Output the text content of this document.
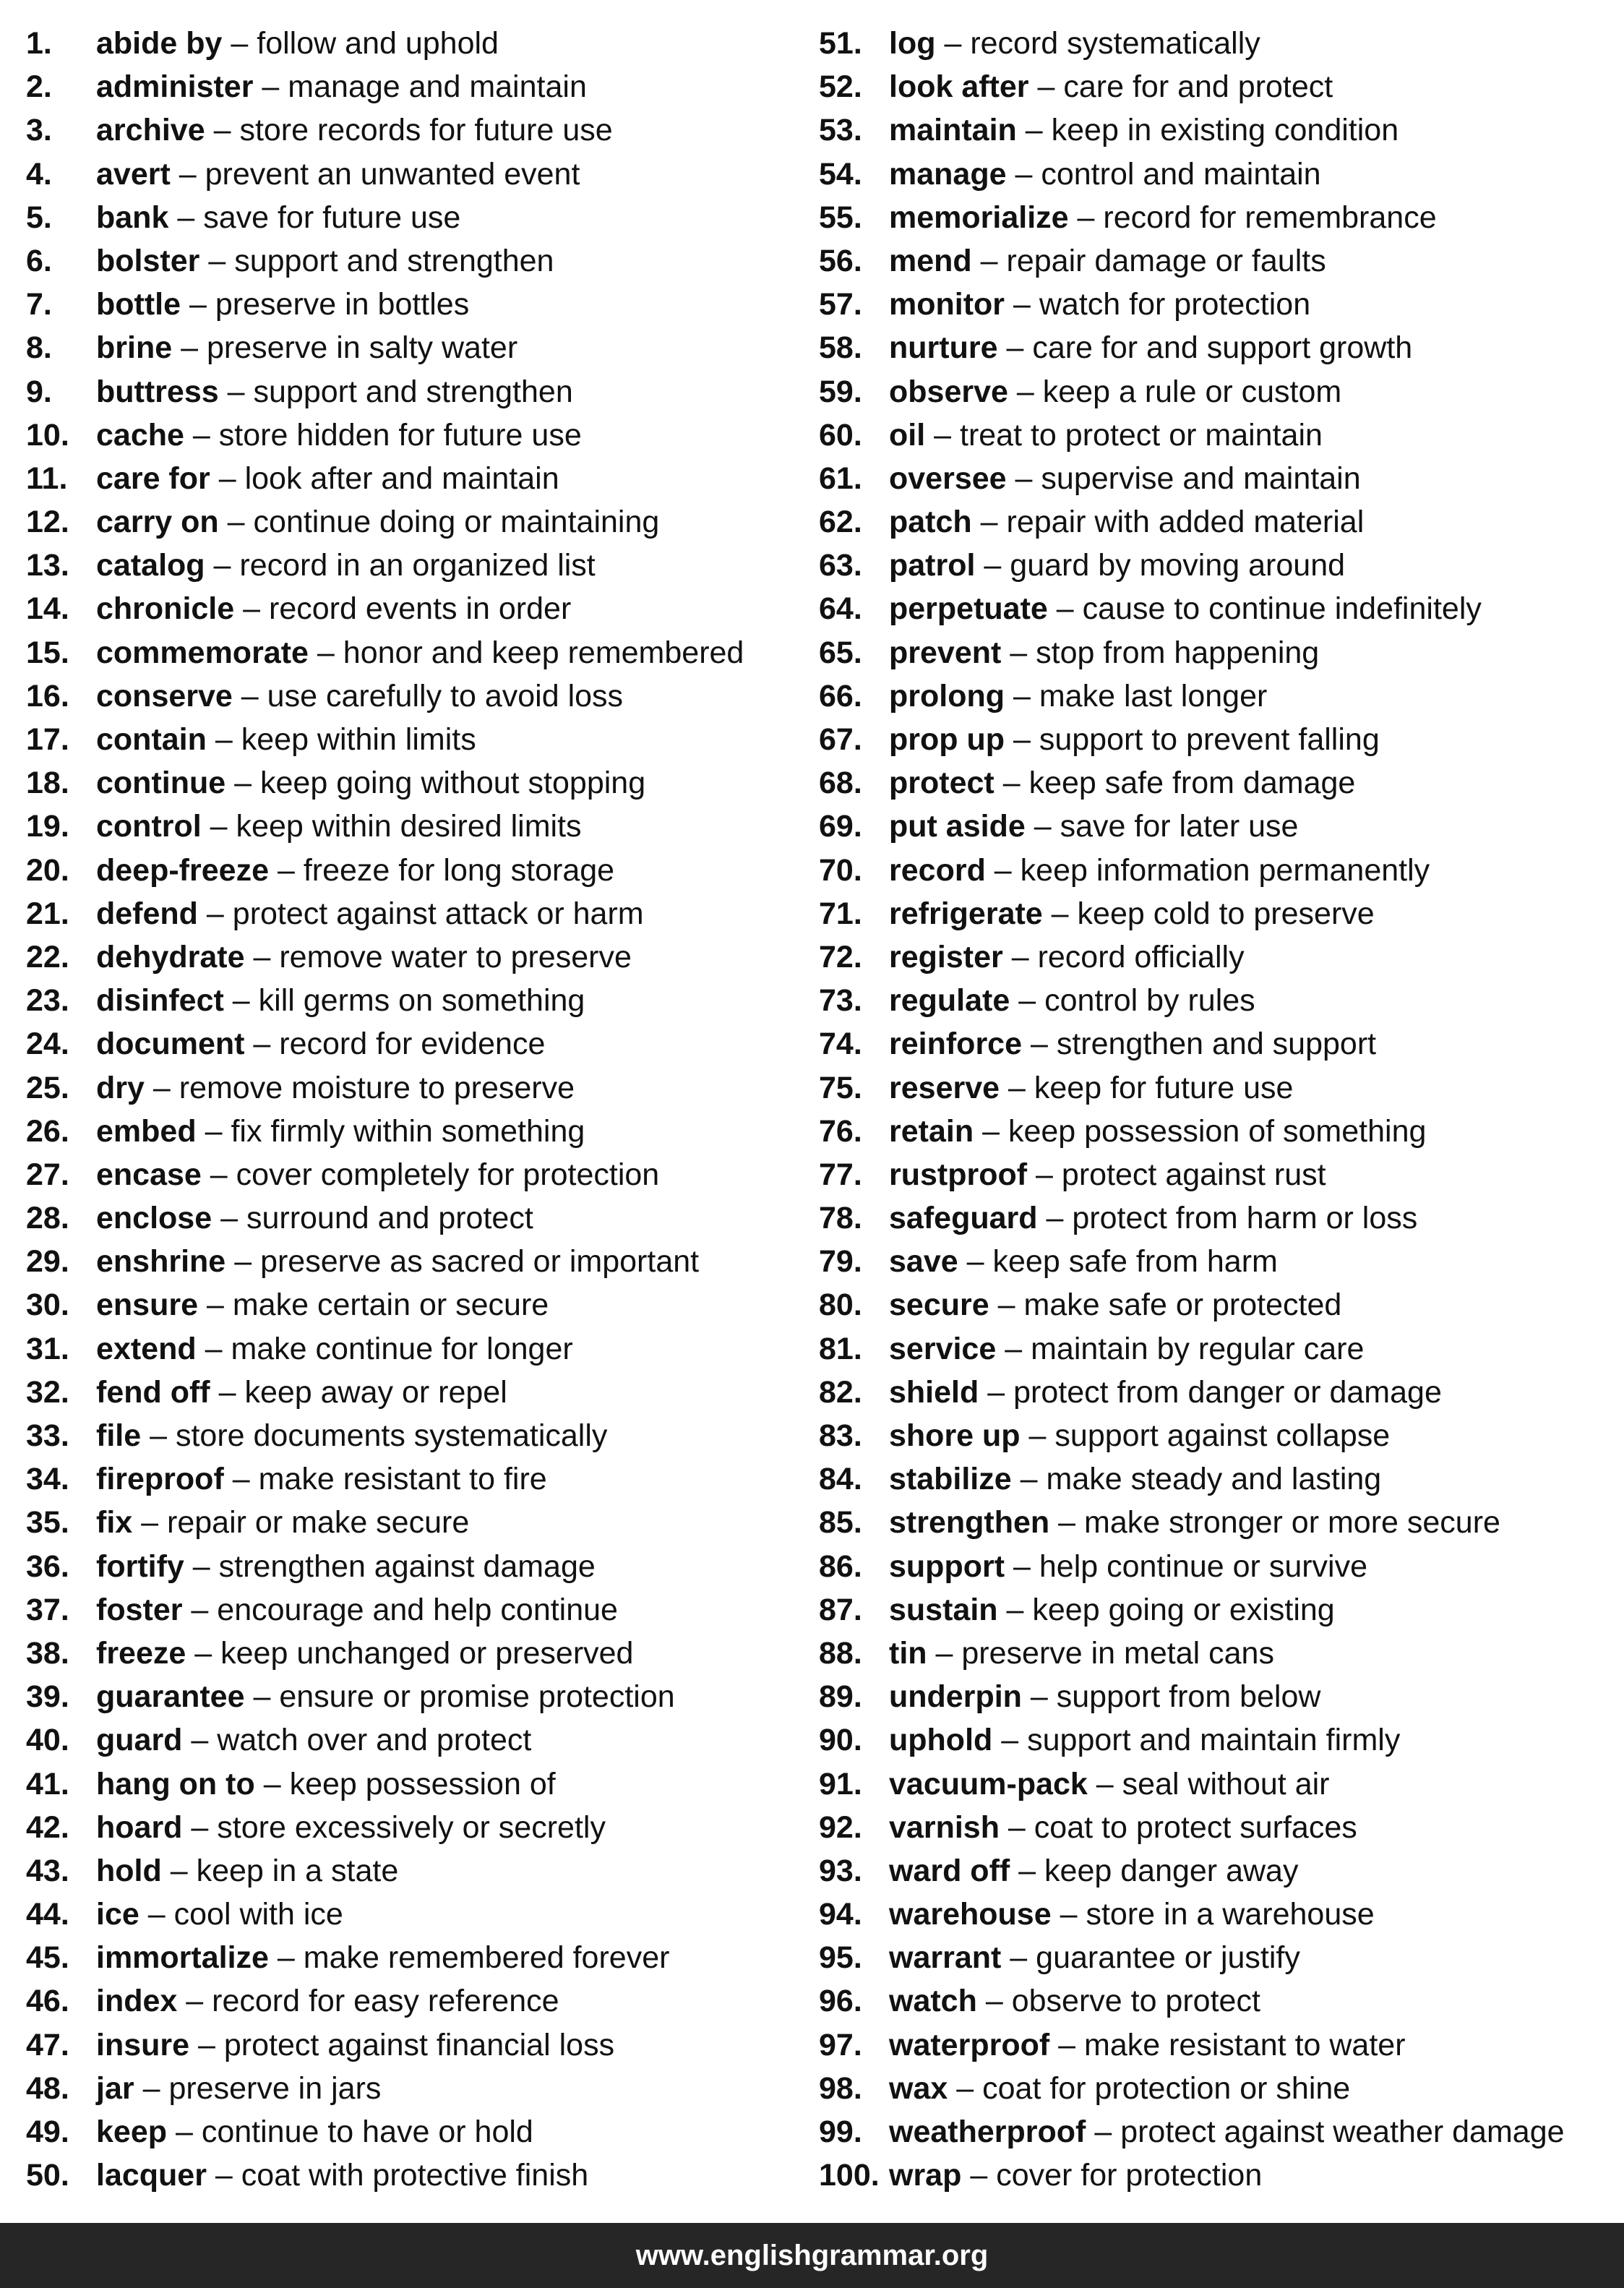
1. abide by – follow and uphold
2. administer – manage and maintain
3. archive – store records for future use
4. avert – prevent an unwanted event
5. bank – save for future use
6. bolster – support and strengthen
7. bottle – preserve in bottles
8. brine – preserve in salty water
9. buttress – support and strengthen
10. cache – store hidden for future use
11. care for – look after and maintain
12. carry on – continue doing or maintaining
13. catalog – record in an organized list
14. chronicle – record events in order
15. commemorate – honor and keep remembered
16. conserve – use carefully to avoid loss
17. contain – keep within limits
18. continue – keep going without stopping
19. control – keep within desired limits
20. deep-freeze – freeze for long storage
21. defend – protect against attack or harm
22. dehydrate – remove water to preserve
23. disinfect – kill germs on something
24. document – record for evidence
25. dry – remove moisture to preserve
26. embed – fix firmly within something
27. encase – cover completely for protection
28. enclose – surround and protect
29. enshrine – preserve as sacred or important
30. ensure – make certain or secure
31. extend – make continue for longer
32. fend off – keep away or repel
33. file – store documents systematically
34. fireproof – make resistant to fire
35. fix – repair or make secure
36. fortify – strengthen against damage
37. foster – encourage and help continue
38. freeze – keep unchanged or preserved
39. guarantee – ensure or promise protection
40. guard – watch over and protect
41. hang on to – keep possession of
42. hoard – store excessively or secretly
43. hold – keep in a state
44. ice – cool with ice
45. immortalize – make remembered forever
46. index – record for easy reference
47. insure – protect against financial loss
48. jar – preserve in jars
49. keep – continue to have or hold
50. lacquer – coat with protective finish
51. log – record systematically
52. look after – care for and protect
53. maintain – keep in existing condition
54. manage – control and maintain
55. memorialize – record for remembrance
56. mend – repair damage or faults
57. monitor – watch for protection
58. nurture – care for and support growth
59. observe – keep a rule or custom
60. oil – treat to protect or maintain
61. oversee – supervise and maintain
62. patch – repair with added material
63. patrol – guard by moving around
64. perpetuate – cause to continue indefinitely
65. prevent – stop from happening
66. prolong – make last longer
67. prop up – support to prevent falling
68. protect – keep safe from damage
69. put aside – save for later use
70. record – keep information permanently
71. refrigerate – keep cold to preserve
72. register – record officially
73. regulate – control by rules
74. reinforce – strengthen and support
75. reserve – keep for future use
76. retain – keep possession of something
77. rustproof – protect against rust
78. safeguard – protect from harm or loss
79. save – keep safe from harm
80. secure – make safe or protected
81. service – maintain by regular care
82. shield – protect from danger or damage
83. shore up – support against collapse
84. stabilize – make steady and lasting
85. strengthen – make stronger or more secure
86. support – help continue or survive
87. sustain – keep going or existing
88. tin – preserve in metal cans
89. underpin – support from below
90. uphold – support and maintain firmly
91. vacuum-pack – seal without air
92. varnish – coat to protect surfaces
93. ward off – keep danger away
94. warehouse – store in a warehouse
95. warrant – guarantee or justify
96. watch – observe to protect
97. waterproof – make resistant to water
98. wax – coat for protection or shine
99. weatherproof – protect against weather damage
100. wrap – cover for protection
www.englishgrammar.org
